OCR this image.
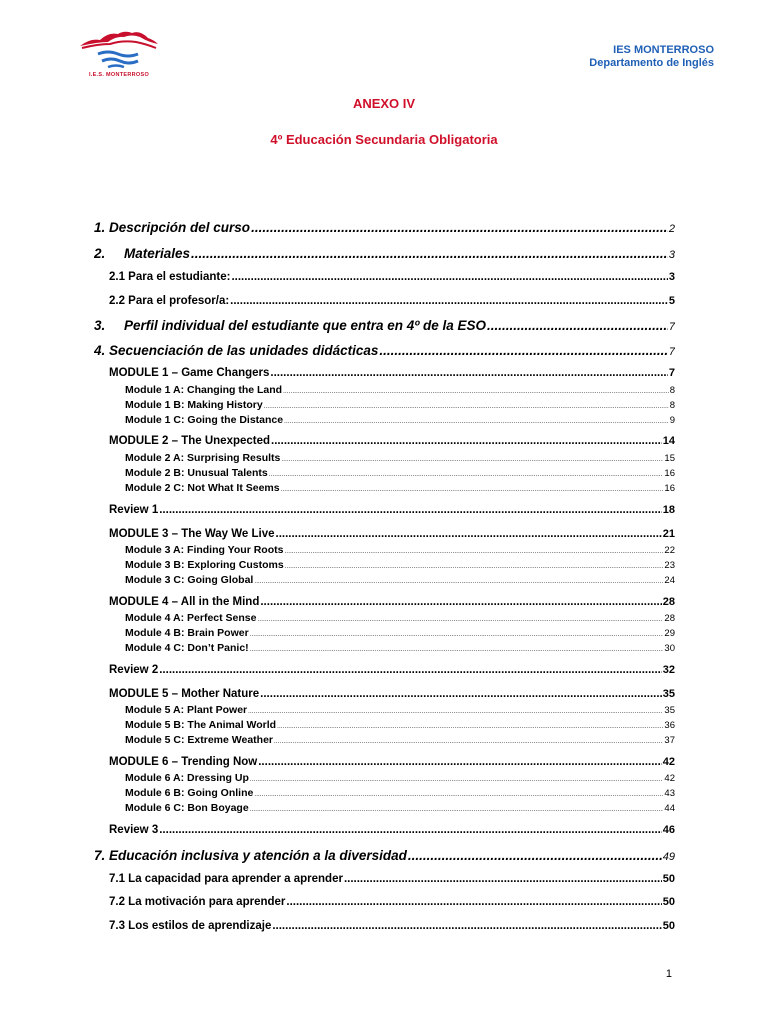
I.E.S. MONTERROSO
IES MONTERROSO
Departamento de Inglés
ANEXO IV
4º Educación Secundaria Obligatoria
1. Descripción del curso .....	2
2. Materiales .....	3
2.1 Para el estudiante: .....	3
2.2 Para el profesor/a: .....	5
3. Perfil individual del estudiante que entra en 4º de la ESO .....	7
4. Secuenciación de las unidades didácticas .....	7
MODULE 1 – Game Changers .....	7
Module 1 A: Changing the Land .....	8
Module 1 B: Making History .....	8
Module 1 C: Going the Distance .....	9
MODULE 2 – The Unexpected .....	14
Module 2 A: Surprising Results .....	15
Module 2 B: Unusual Talents .....	16
Module 2 C: Not What It Seems .....	16
Review 1 .....	18
MODULE 3 – The Way We Live .....	21
Module 3 A: Finding Your Roots .....	22
Module 3 B: Exploring Customs .....	23
Module 3 C: Going Global .....	24
MODULE 4 – All in the Mind .....	28
Module 4 A: Perfect Sense .....	28
Module 4 B: Brain Power .....	29
Module 4 C: Don’t Panic! .....	30
Review 2 .....	32
MODULE 5 – Mother Nature .....	35
Module 5 A: Plant Power .....	35
Module 5 B: The Animal World .....	36
Module 5 C: Extreme Weather .....	37
MODULE 6 – Trending Now .....	42
Module 6 A: Dressing Up .....	42
Module 6 B: Going Online .....	43
Module 6 C: Bon Boyage .....	44
Review 3 .....	46
7. Educación inclusiva y atención a la diversidad .....	49
7.1 La capacidad para aprender a aprender .....	50
7.2 La motivación para aprender .....	50
7.3 Los estilos de aprendizaje .....	50
1
